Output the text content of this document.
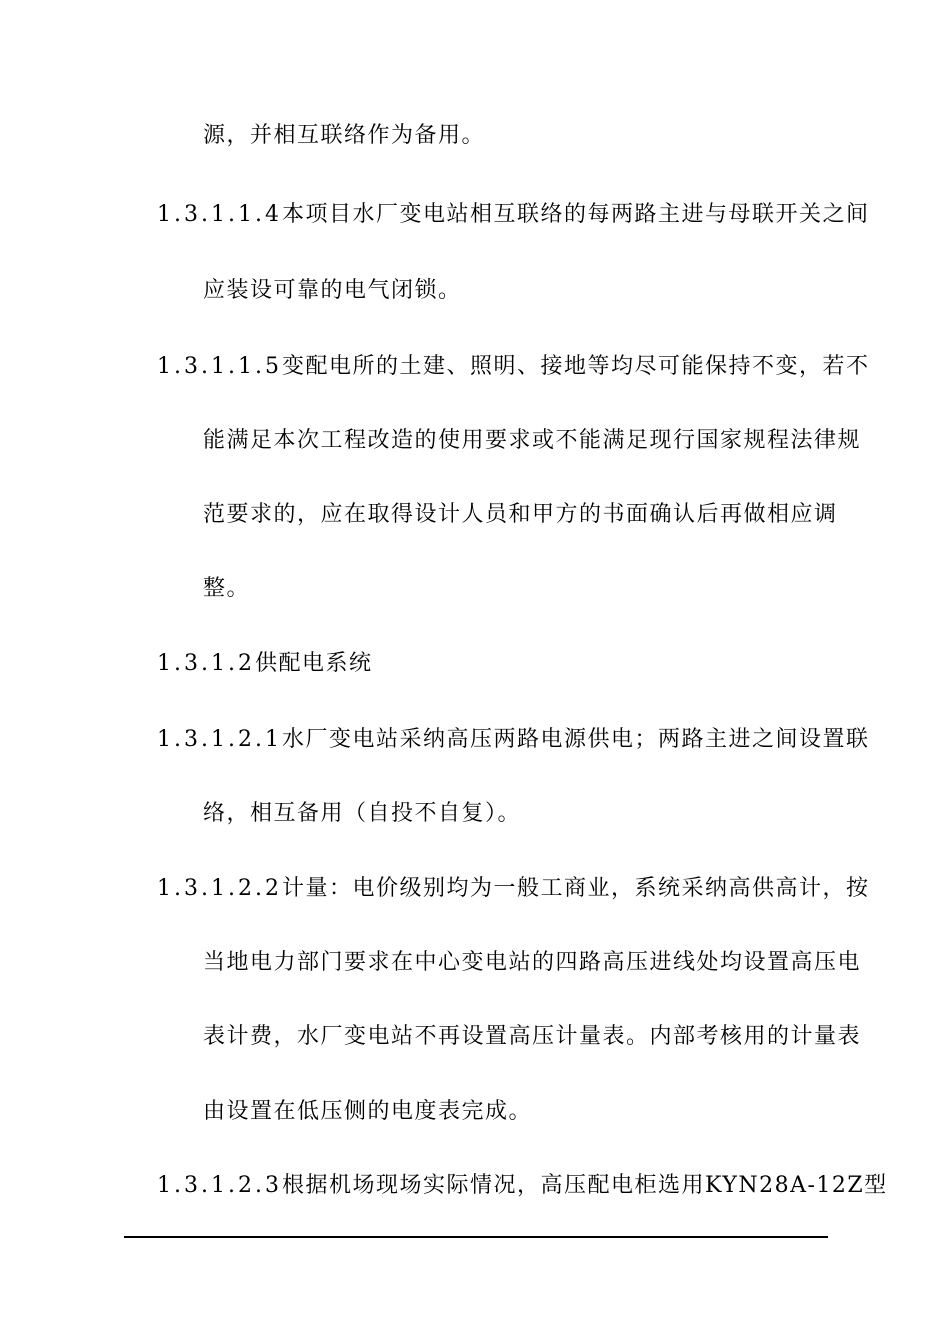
源，并相互联络作为备用。
1.3.1.1.4本项目水厂变电站相互联络的每两路主进与母联开关之间
应装设可靠的电气闭锁。
1.3.1.1.5变配电所的土建、照明、接地等均尽可能保持不变，若不
能满足本次工程改造的使用要求或不能满足现行国家规程法律规
范要求的，应在取得设计人员和甲方的书面确认后再做相应调
整。
1.3.1.2供配电系统
1.3.1.2.1水厂变电站采纳高压两路电源供电；两路主进之间设置联
络，相互备用（自投不自复）。
1.3.1.2.2计量：电价级别均为一般工商业，系统采纳高供高计，按
当地电力部门要求在中心变电站的四路高压进线处均设置高压电
表计费，水厂变电站不再设置高压计量表。内部考核用的计量表
由设置在低压侧的电度表完成。
1.3.1.2.3根据机场现场实际情况，高压配电柜选用KYN28A-12Z型
